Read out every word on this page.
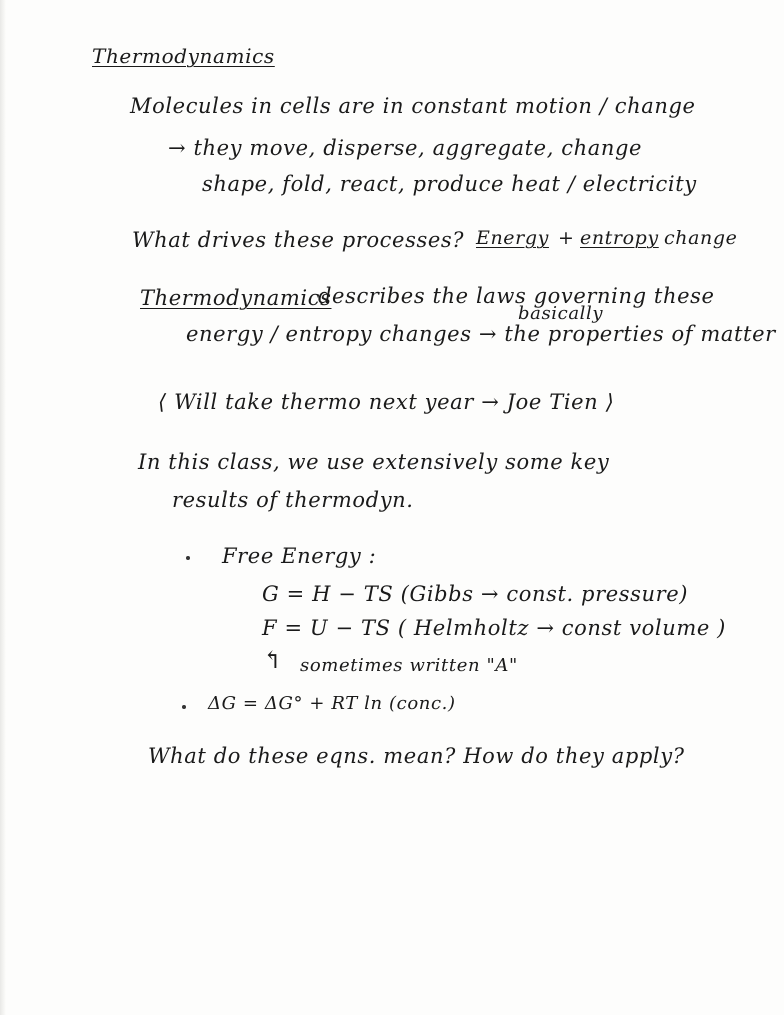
Thermodynamics
Molecules in cells are in constant motion / change
→ they move, disperse, aggregate, change
shape, fold, react, produce heat / electricity
What drives these processes? Energy + entropy change
Thermodynamics
describes the laws governing these
basically
energy / entropy changes → the properties of matter
⟨ Will take thermo next year → Joe Tien ⟩
In this class, we use extensively some key
results of thermodyn.
Free Energy :
G = H − TS (Gibbs → const. pressure)
F = U − TS ( Helmholtz → const volume )
↰ sometimes written "A"
ΔG = ΔG° + RT ln (conc.)
What do these eqns. mean? How do they apply?
